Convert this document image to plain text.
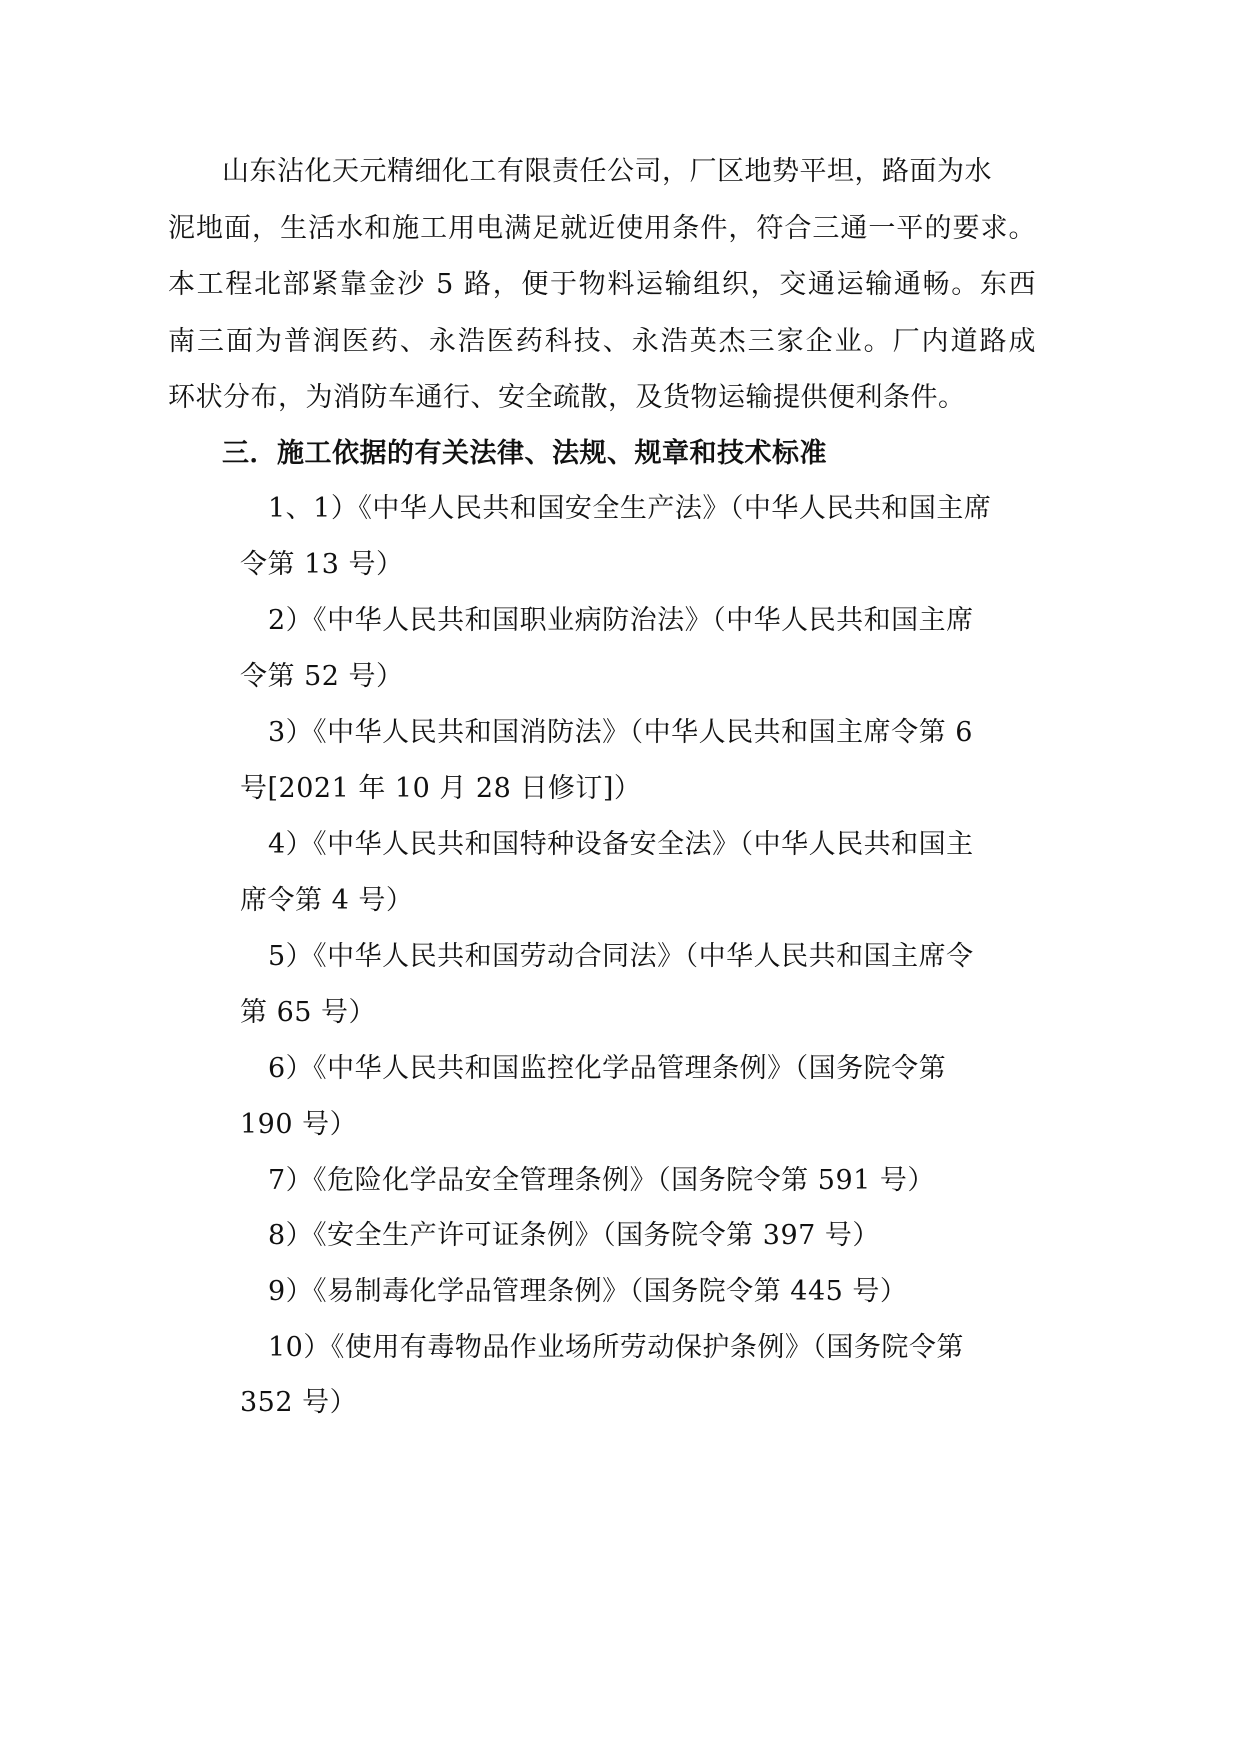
山东沾化天元精细化工有限责任公司，厂区地势平坦，路面为水
泥地面，生活水和施工用电满足就近使用条件，符合三通一平的要求。
本工程北部紧靠金沙 5 路，便于物料运输组织，交通运输通畅。东西
南三面为普润医药、永浩医药科技、永浩英杰三家企业。厂内道路成
环状分布，为消防车通行、安全疏散，及货物运输提供便利条件。
三．施工依据的有关法律、法规、规章和技术标准
1、1）《中华人民共和国安全生产法》（中华人民共和国主席
令第 13 号）
2）《中华人民共和国职业病防治法》（中华人民共和国主席
令第 52 号）
3）《中华人民共和国消防法》（中华人民共和国主席令第 6
号[2021 年 10 月 28 日修订]）
4）《中华人民共和国特种设备安全法》（中华人民共和国主
席令第 4 号）
5）《中华人民共和国劳动合同法》（中华人民共和国主席令
第 65 号）
6）《中华人民共和国监控化学品管理条例》（国务院令第
190 号）
7）《危险化学品安全管理条例》（国务院令第 591 号）
8）《安全生产许可证条例》（国务院令第 397 号）
9）《易制毒化学品管理条例》（国务院令第 445 号）
10）《使用有毒物品作业场所劳动保护条例》（国务院令第
352 号）
